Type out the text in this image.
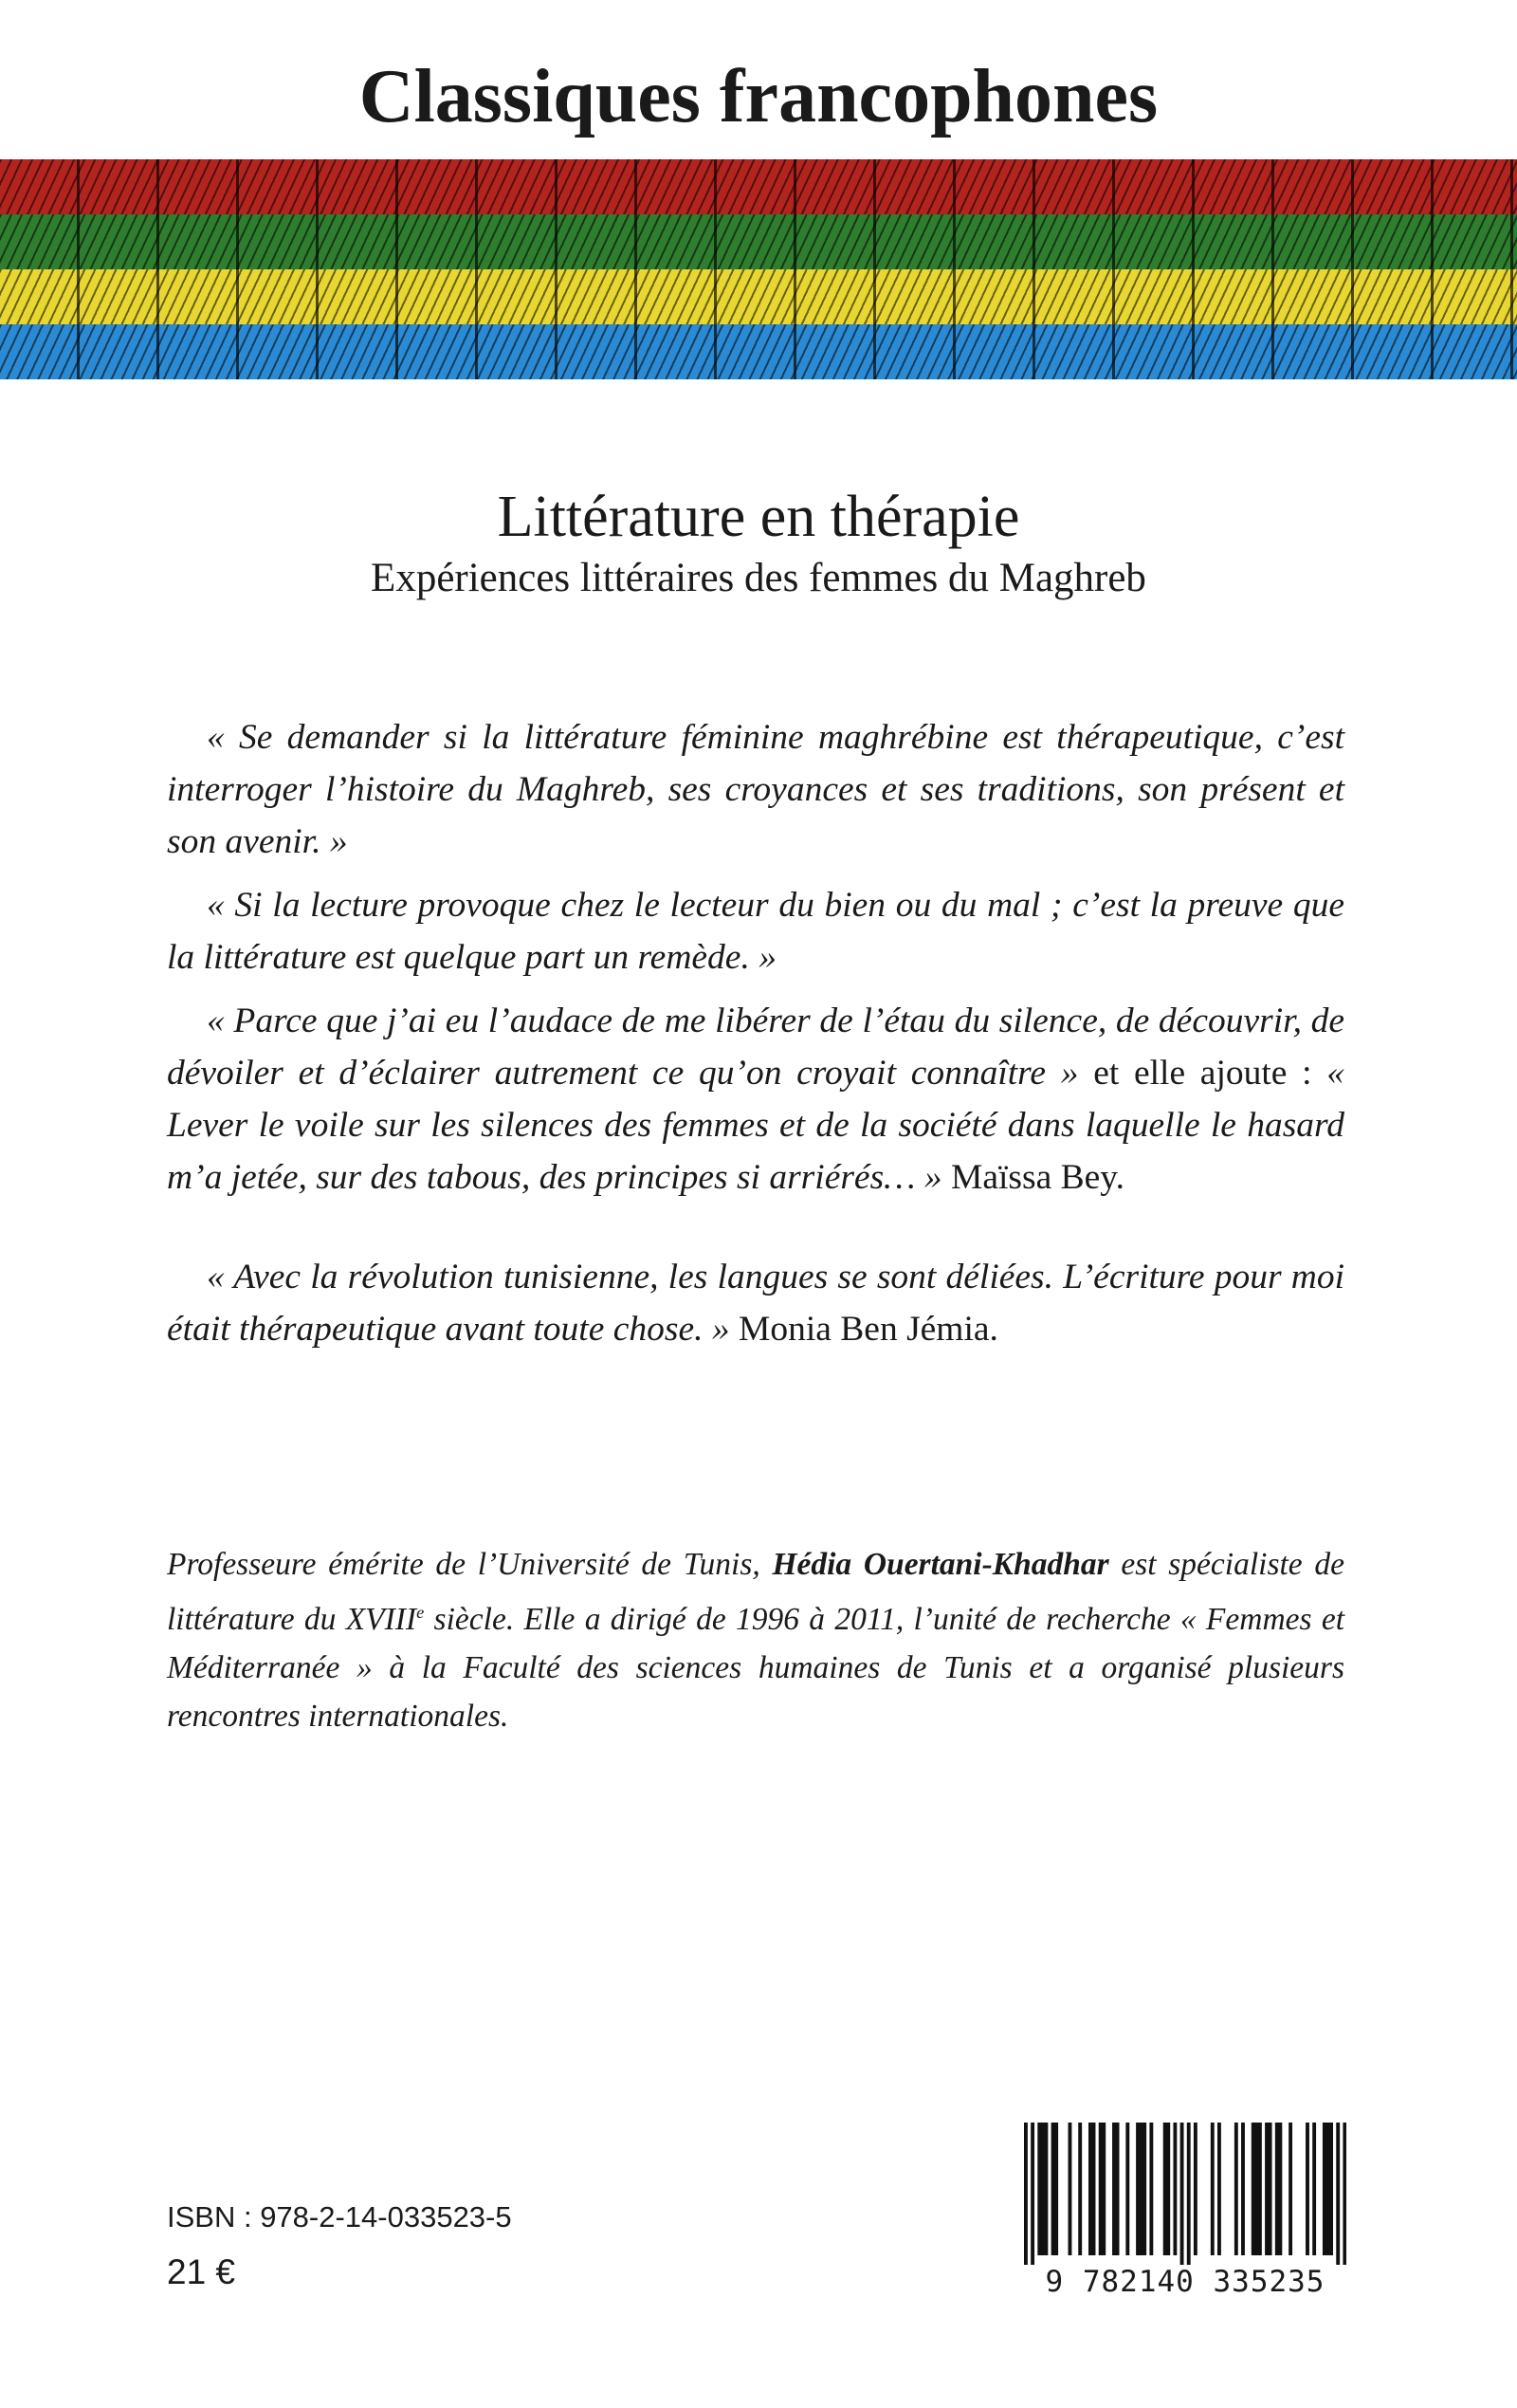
Classiques francophones
Littérature en thérapie
Expériences littéraires des femmes du Maghreb

« Se demander si la littérature féminine maghrébine est thérapeutique, c’est interroger l’histoire du Maghreb, ses croyances et ses traditions, son présent et son avenir. »

« Si la lecture provoque chez le lecteur du bien ou du mal ; c’est la preuve que la littérature est quelque part un remède. »

« Parce que j’ai eu l’audace de me libérer de l’étau du silence, de découvrir, de dévoiler et d’éclairer autrement ce qu’on croyait connaître » et elle ajoute : « Lever le voile sur les silences des femmes et de la société dans laquelle le hasard m’a jetée, sur des tabous, des principes si arriérés… » Maïssa Bey.

« Avec la révolution tunisienne, les langues se sont déliées. L’écriture pour moi était thérapeutique avant toute chose. » Monia Ben Jémia.

Professeure émérite de l’Université de Tunis, Hédia Ouertani-Khadhar est spécialiste de littérature du XVIIIe siècle. Elle a dirigé de 1996 à 2011, l’unité de recherche « Femmes et Méditerranée » à la Faculté des sciences humaines de Tunis et a organisé plusieurs rencontres internationales.

ISBN : 978-2-14-033523-5
21 €	9 782140 335235
